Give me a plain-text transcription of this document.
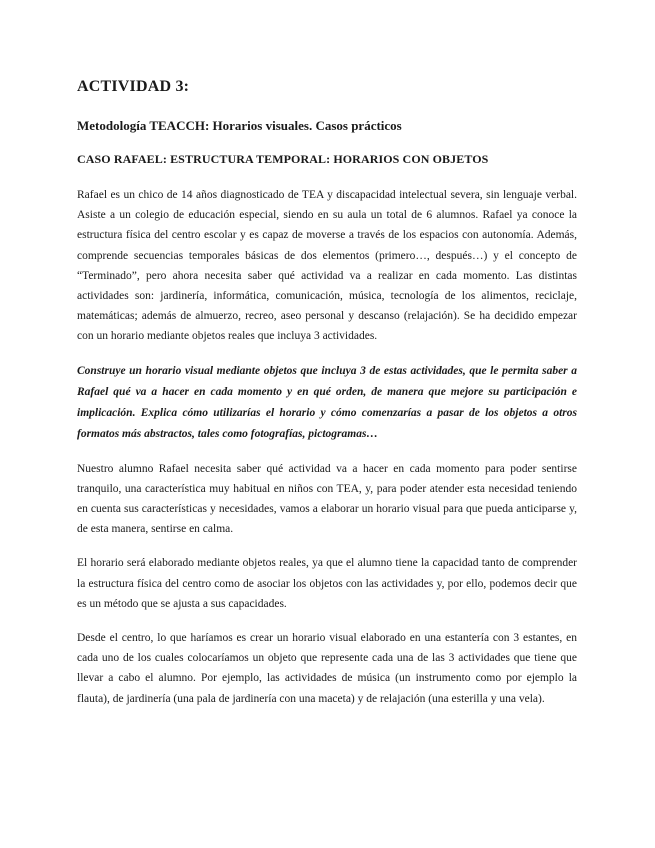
ACTIVIDAD 3:
Metodología TEACCH: Horarios visuales. Casos prácticos
CASO RAFAEL: ESTRUCTURA TEMPORAL: HORARIOS CON OBJETOS

Rafael es un chico de 14 años diagnosticado de TEA y discapacidad intelectual severa, sin lenguaje verbal. Asiste a un colegio de educación especial, siendo en su aula un total de 6 alumnos. Rafael ya conoce la estructura física del centro escolar y es capaz de moverse a través de los espacios con autonomía. Además, comprende secuencias temporales básicas de dos elementos (primero…, después…) y el concepto de “Terminado”, pero ahora necesita saber qué actividad va a realizar en cada momento. Las distintas actividades son: jardinería, informática, comunicación, música, tecnología de los alimentos, reciclaje, matemáticas; además de almuerzo, recreo, aseo personal y descanso (relajación). Se ha decidido empezar con un horario mediante objetos reales que incluya 3 actividades.

Construye un horario visual mediante objetos que incluya 3 de estas actividades, que le permita saber a Rafael qué va a hacer en cada momento y en qué orden, de manera que mejore su participación e implicación. Explica cómo utilizarías el horario y cómo comenzarías a pasar de los objetos a otros formatos más abstractos, tales como fotografías, pictogramas…

Nuestro alumno Rafael necesita saber qué actividad va a hacer en cada momento para poder sentirse tranquilo, una característica muy habitual en niños con TEA, y, para poder atender esta necesidad teniendo en cuenta sus características y necesidades, vamos a elaborar un horario visual para que pueda anticiparse y, de esta manera, sentirse en calma.

El horario será elaborado mediante objetos reales, ya que el alumno tiene la capacidad tanto de comprender la estructura física del centro como de asociar los objetos con las actividades y, por ello, podemos decir que es un método que se ajusta a sus capacidades.

Desde el centro, lo que haríamos es crear un horario visual elaborado en una estantería con 3 estantes, en cada uno de los cuales colocaríamos un objeto que represente cada una de las 3 actividades que tiene que llevar a cabo el alumno. Por ejemplo, las actividades de música (un instrumento como por ejemplo la flauta), de jardinería (una pala de jardinería con una maceta) y de relajación (una esterilla y una vela).
